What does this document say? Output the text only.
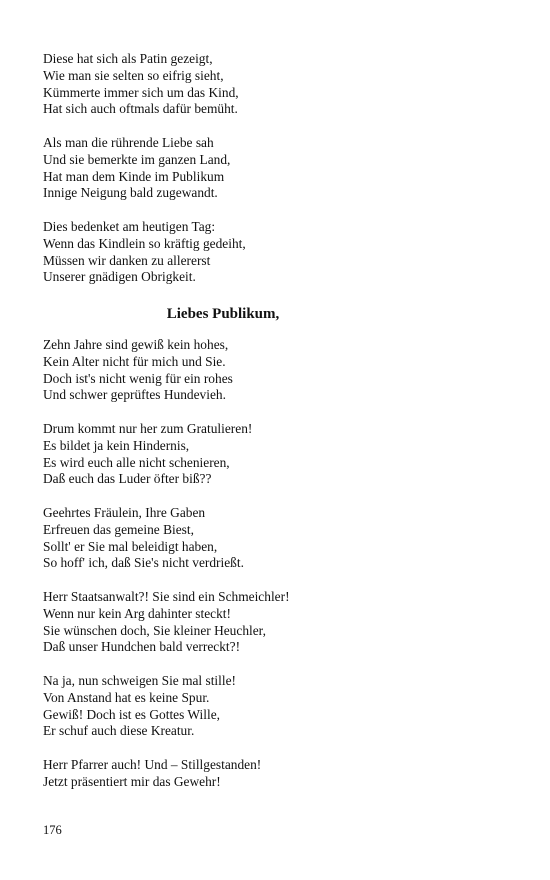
Diese hat sich als Patin gezeigt,
Wie man sie selten so eifrig sieht,
Kümmerte immer sich um das Kind,
Hat sich auch oftmals dafür bemüht.
Als man die rührende Liebe sah
Und sie bemerkte im ganzen Land,
Hat man dem Kinde im Publikum
Innige Neigung bald zugewandt.
Dies bedenket am heutigen Tag:
Wenn das Kindlein so kräftig gedeiht,
Müssen wir danken zu allererst
Unserer gnädigen Obrigkeit.
Liebes Publikum,
Zehn Jahre sind gewiß kein hohes,
Kein Alter nicht für mich und Sie.
Doch ist's nicht wenig für ein rohes
Und schwer geprüftes Hundevieh.
Drum kommt nur her zum Gratulieren!
Es bildet ja kein Hindernis,
Es wird euch alle nicht schenieren,
Daß euch das Luder öfter biß??
Geehrtes Fräulein, Ihre Gaben
Erfreuen das gemeine Biest,
Sollt' er Sie mal beleidigt haben,
So hoff' ich, daß Sie's nicht verdrießt.
Herr Staatsanwalt?! Sie sind ein Schmeichler!
Wenn nur kein Arg dahinter steckt!
Sie wünschen doch, Sie kleiner Heuchler,
Daß unser Hundchen bald verreckt?!
Na ja, nun schweigen Sie mal stille!
Von Anstand hat es keine Spur.
Gewiß! Doch ist es Gottes Wille,
Er schuf auch diese Kreatur.
Herr Pfarrer auch! Und – Stillgestanden!
Jetzt präsentiert mir das Gewehr!
176
